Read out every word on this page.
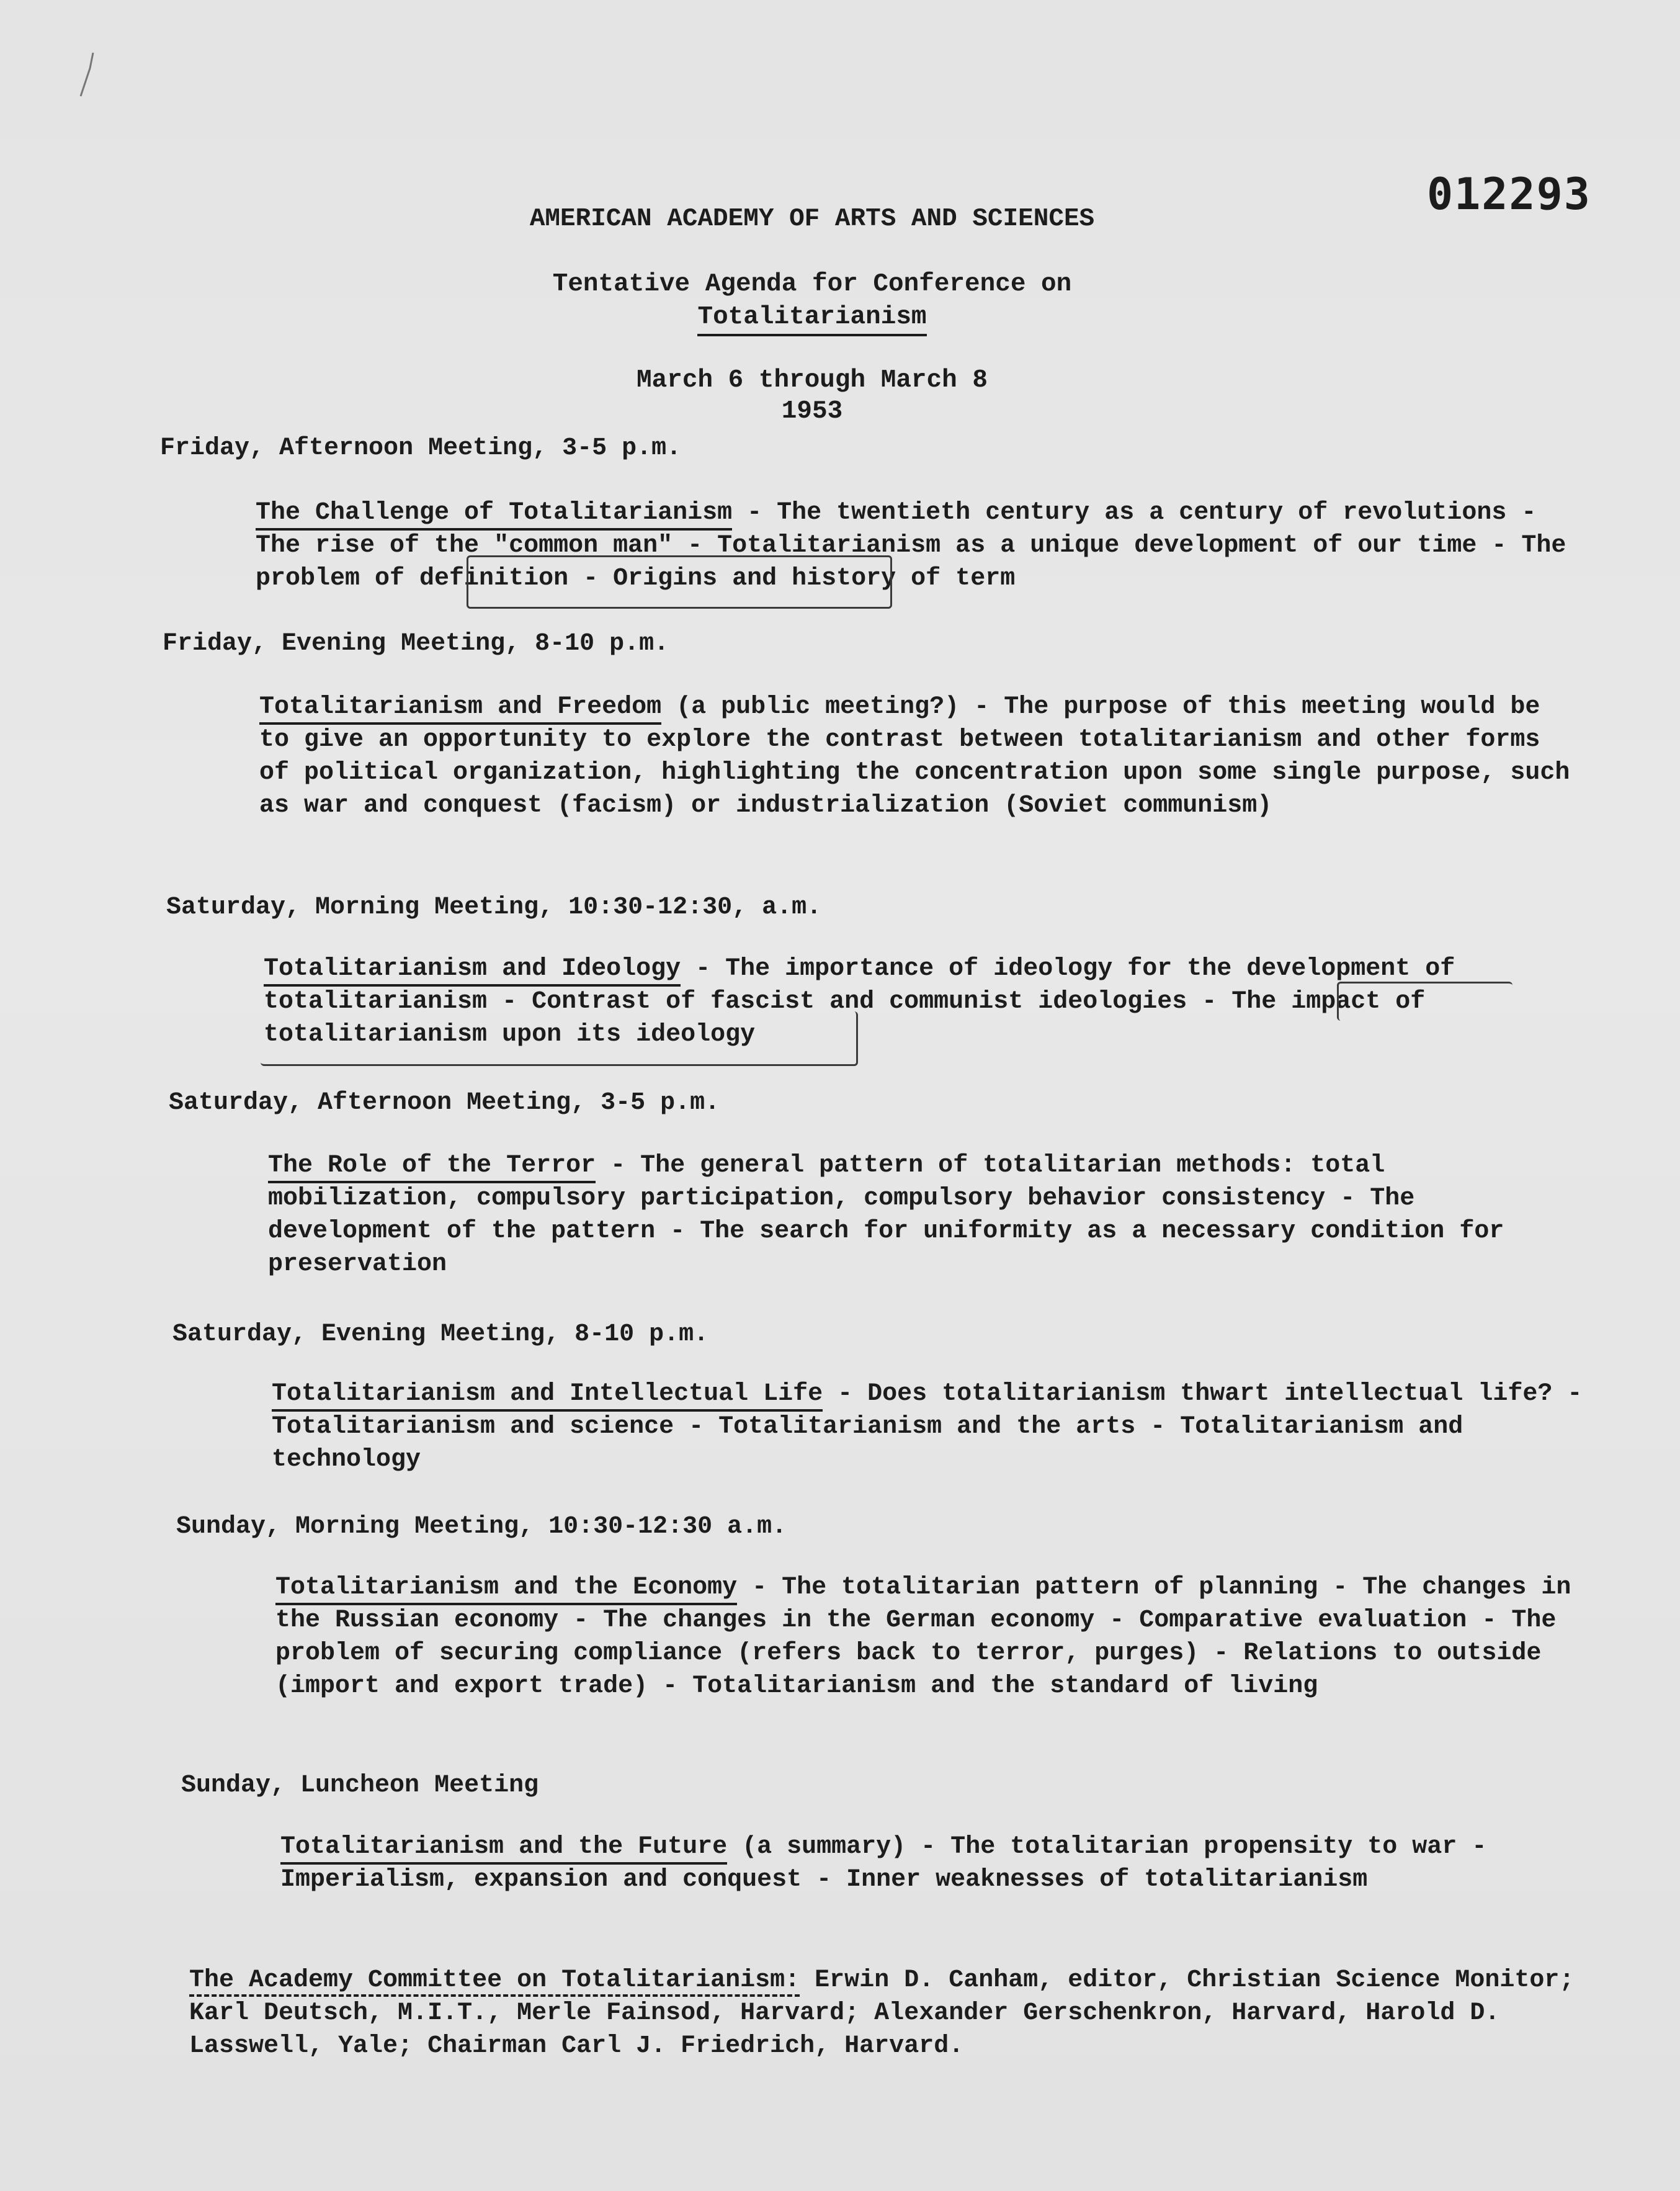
012293
AMERICAN ACADEMY OF ARTS AND SCIENCES
Tentative Agenda for Conference on
Totalitarianism
March 6 through March 8
1953
Friday, Afternoon Meeting, 3-5 p.m.
The Challenge of Totalitarianism - The twentieth century as a century of revolutions - The rise of the "common man" - Totalitarianism as a unique development of our time - The problem of definition - Origins and history of term
Friday, Evening Meeting, 8-10 p.m.
Totalitarianism and Freedom (a public meeting?) - The purpose of this meeting would be to give an opportunity to explore the contrast between totalitarianism and other forms of political organization, highlighting the concentration upon some single purpose, such as war and conquest (facism) or industrialization (Soviet communism)
Saturday, Morning Meeting, 10:30-12:30, a.m.
Totalitarianism and Ideology - The importance of ideology for the development of totalitarianism - Contrast of fascist and communist ideologies - The impact of totalitarianism upon its ideology
Saturday, Afternoon Meeting, 3-5 p.m.
The Role of the Terror - The general pattern of totalitarian methods: total mobilization, compulsory participation, compulsory behavior consistency - The development of the pattern - The search for uniformity as a necessary condition for preservation
Saturday, Evening Meeting, 8-10 p.m.
Totalitarianism and Intellectual Life - Does totalitarianism thwart intellectual life? - Totalitarianism and science - Totalitarianism and the arts - Totalitarianism and technology
Sunday, Morning Meeting, 10:30-12:30 a.m.
Totalitarianism and the Economy - The totalitarian pattern of planning - The changes in the Russian economy - The changes in the German economy - Comparative evaluation - The problem of securing compliance (refers back to terror, purges) - Relations to outside (import and export trade) - Totalitarianism and the standard of living
Sunday, Luncheon Meeting
Totalitarianism and the Future (a summary) - The totalitarian propensity to war - Imperialism, expansion and conquest - Inner weaknesses of totalitarianism
The Academy Committee on Totalitarianism: Erwin D. Canham, editor, Christian Science Monitor; Karl Deutsch, M.I.T., Merle Fainsod, Harvard; Alexander Gerschenkron, Harvard, Harold D. Lasswell, Yale; Chairman Carl J. Friedrich, Harvard.
